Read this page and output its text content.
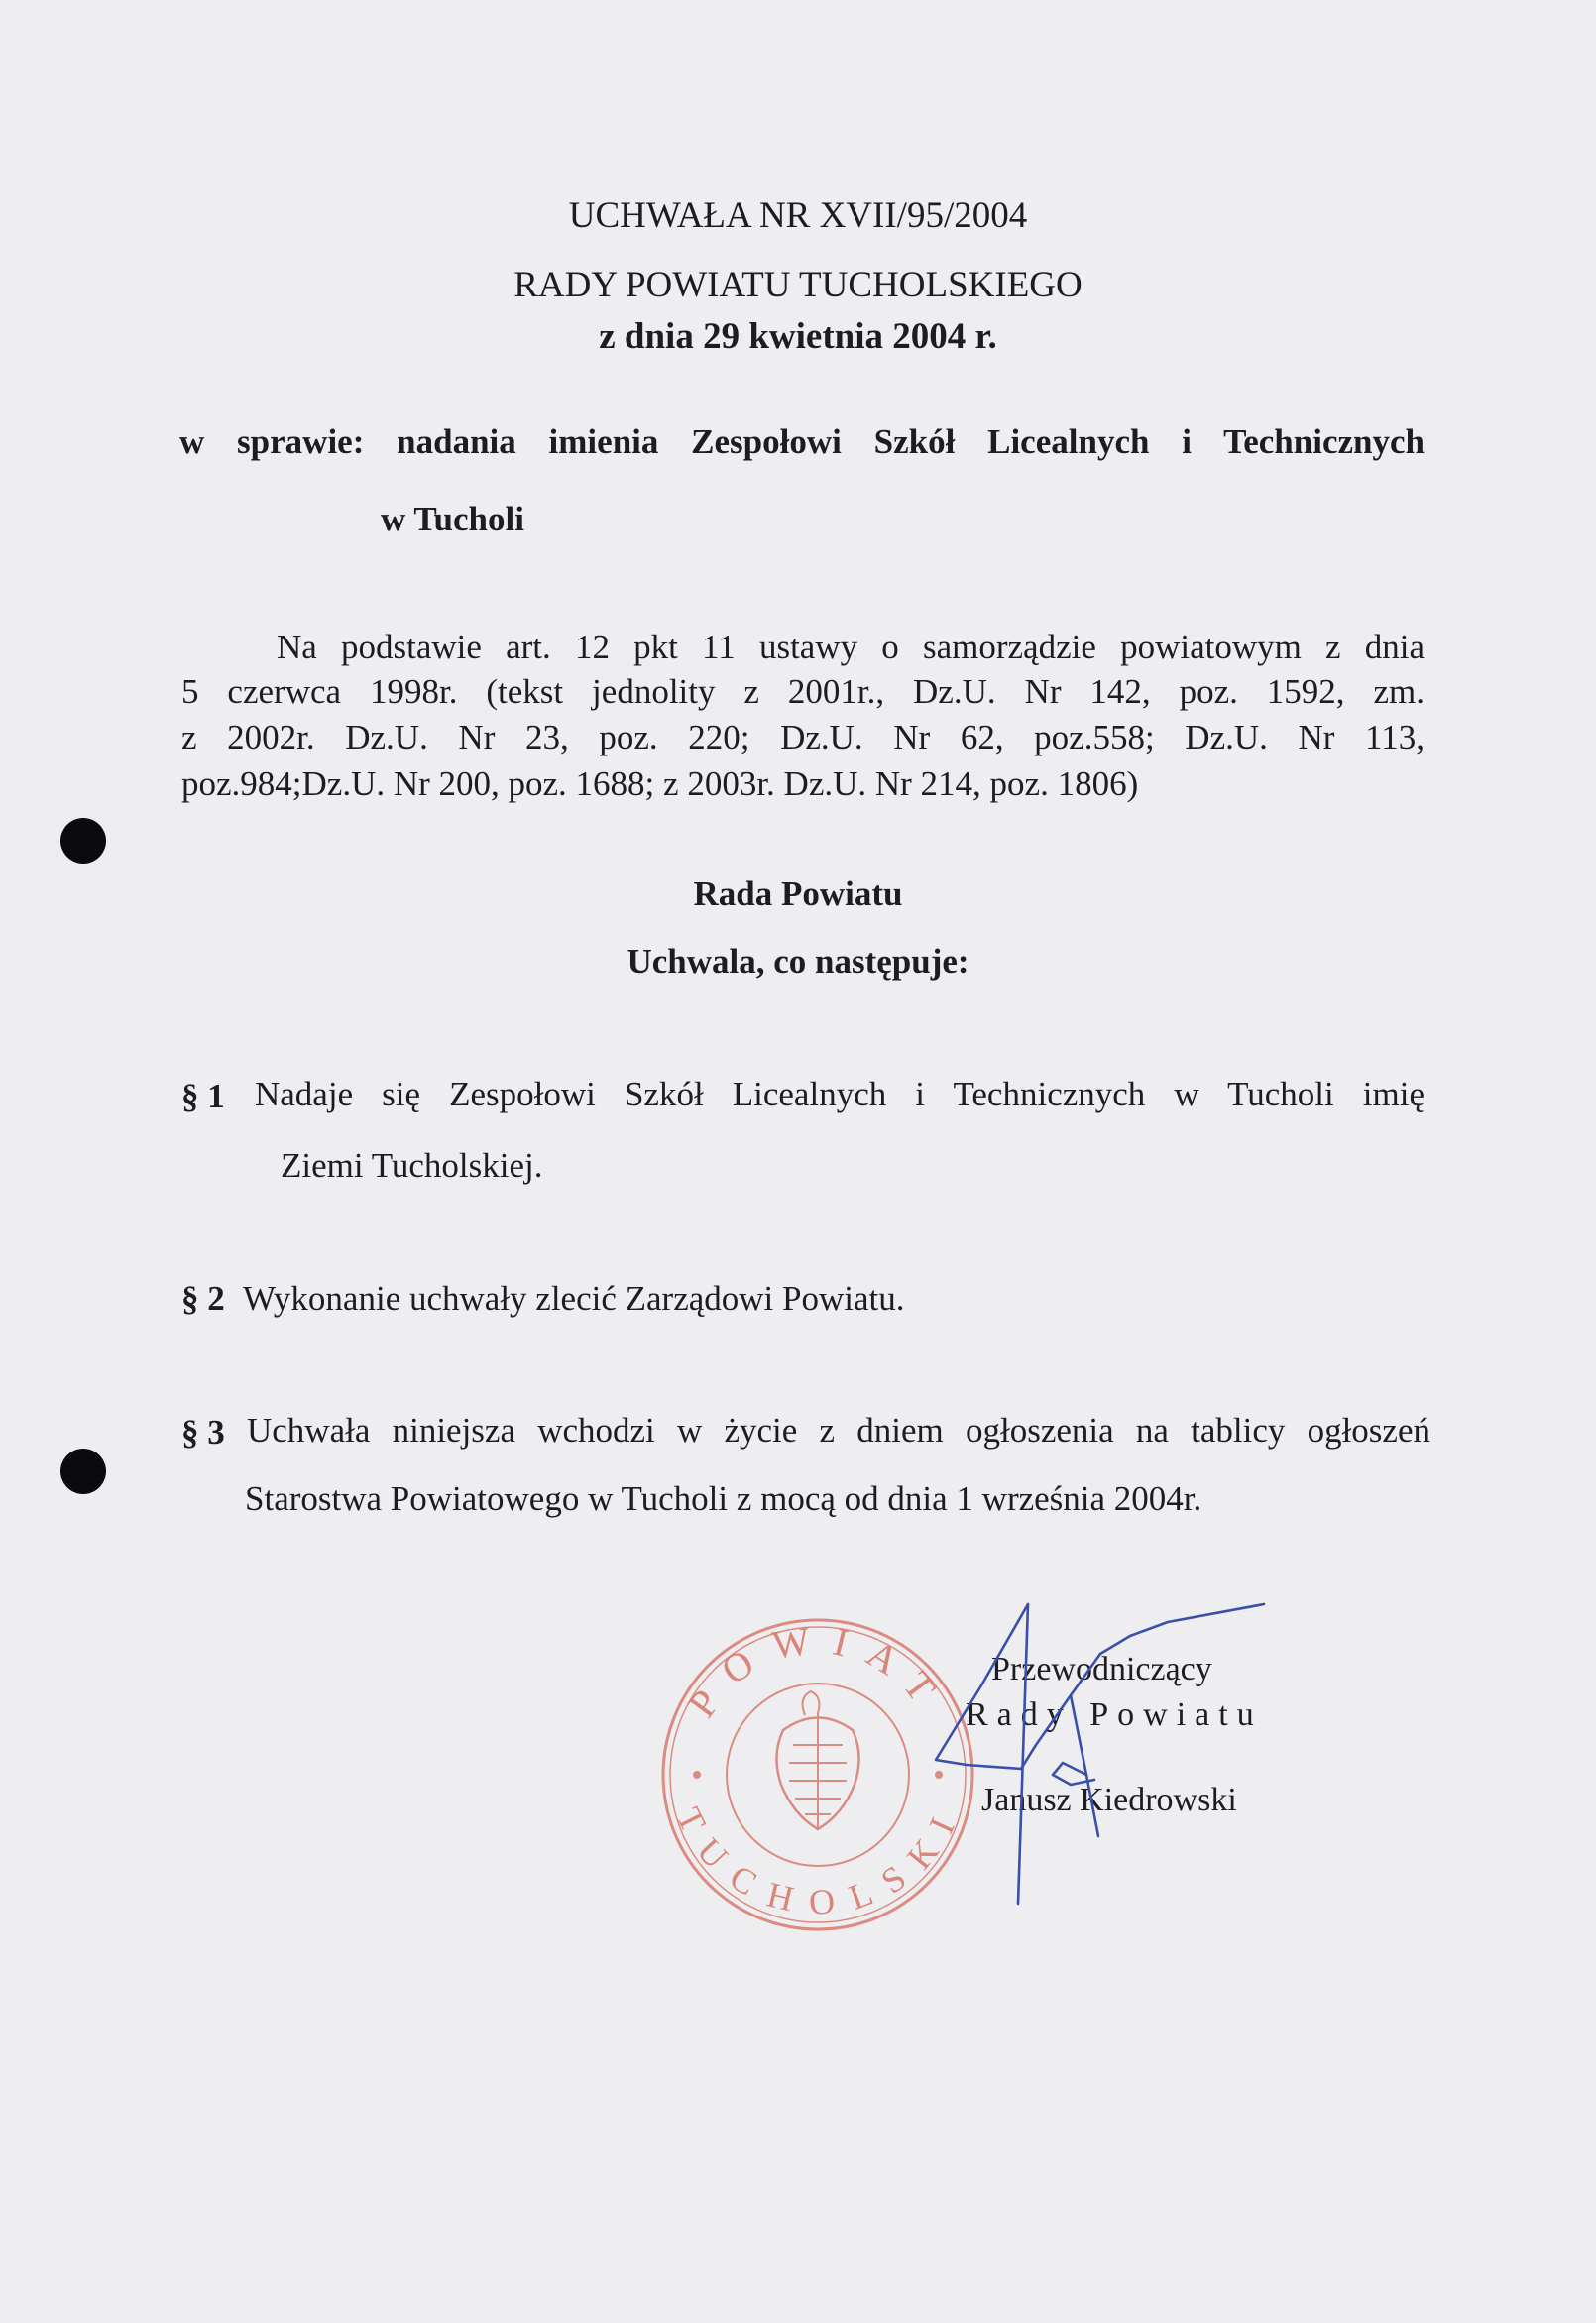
UCHWAŁA NR XVII/95/2004
RADY POWIATU TUCHOLSKIEGO
z dnia 29 kwietnia 2004 r.
w sprawie: nadania imienia Zespołowi Szkół Licealnych i Technicznych
w Tucholi
Na podstawie art. 12 pkt 11 ustawy o samorządzie powiatowym z dnia
5 czerwca 1998r. (tekst jednolity z 2001r., Dz.U. Nr 142, poz. 1592, zm.
z 2002r. Dz.U. Nr 23, poz. 220; Dz.U. Nr 62, poz.558; Dz.U. Nr 113,
poz.984;Dz.U. Nr 200, poz. 1688; z 2003r. Dz.U. Nr 214, poz. 1806)
Rada Powiatu
Uchwala, co następuje:
§ 1 Nadaje się Zespołowi Szkół Licealnych i Technicznych w Tucholi imię
Ziemi Tucholskiej.
§ 2 Wykonanie uchwały zlecić Zarządowi Powiatu.
§ 3 Uchwała niniejsza wchodzi w życie z dniem ogłoszenia na tablicy ogłoszeń
Starostwa Powiatowego w Tucholi z mocą od dnia 1 września 2004r.
Przewodniczący
Rady Powiatu
Janusz Kiedrowski
POWIAT
TUCHOLSKI
